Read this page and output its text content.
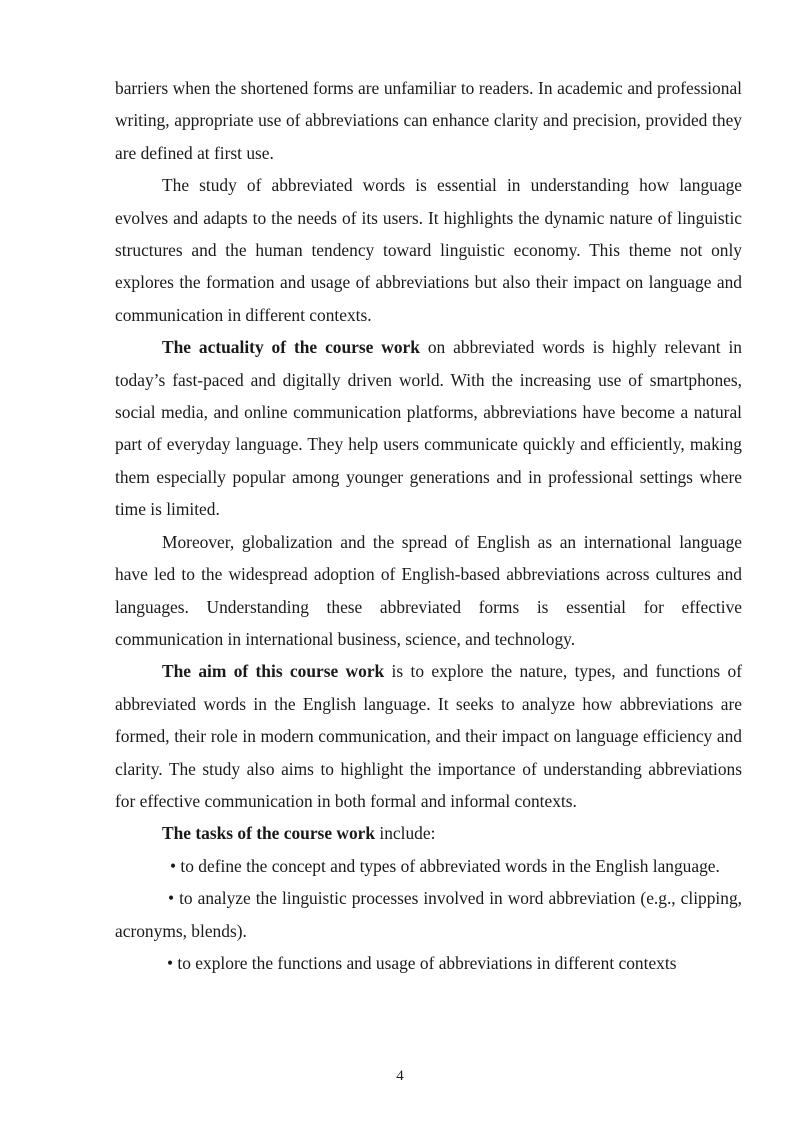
barriers when the shortened forms are unfamiliar to readers. In academic and professional writing, appropriate use of abbreviations can enhance clarity and precision, provided they are defined at first use.

The study of abbreviated words is essential in understanding how language evolves and adapts to the needs of its users. It highlights the dynamic nature of linguistic structures and the human tendency toward linguistic economy. This theme not only explores the formation and usage of abbreviations but also their impact on language and communication in different contexts.

The actuality of the course work on abbreviated words is highly relevant in today’s fast-paced and digitally driven world. With the increasing use of smartphones, social media, and online communication platforms, abbreviations have become a natural part of everyday language. They help users communicate quickly and efficiently, making them especially popular among younger generations and in professional settings where time is limited.

Moreover, globalization and the spread of English as an international language have led to the widespread adoption of English-based abbreviations across cultures and languages. Understanding these abbreviated forms is essential for effective communication in international business, science, and technology.

The aim of this course work is to explore the nature, types, and functions of abbreviated words in the English language. It seeks to analyze how abbreviations are formed, their role in modern communication, and their impact on language efficiency and clarity. The study also aims to highlight the importance of understanding abbreviations for effective communication in both formal and informal contexts.

The tasks of the course work include:

• to define the concept and types of abbreviated words in the English language.

• to analyze the linguistic processes involved in word abbreviation (e.g., clipping, acronyms, blends).

• to explore the functions and usage of abbreviations in different contexts

4
